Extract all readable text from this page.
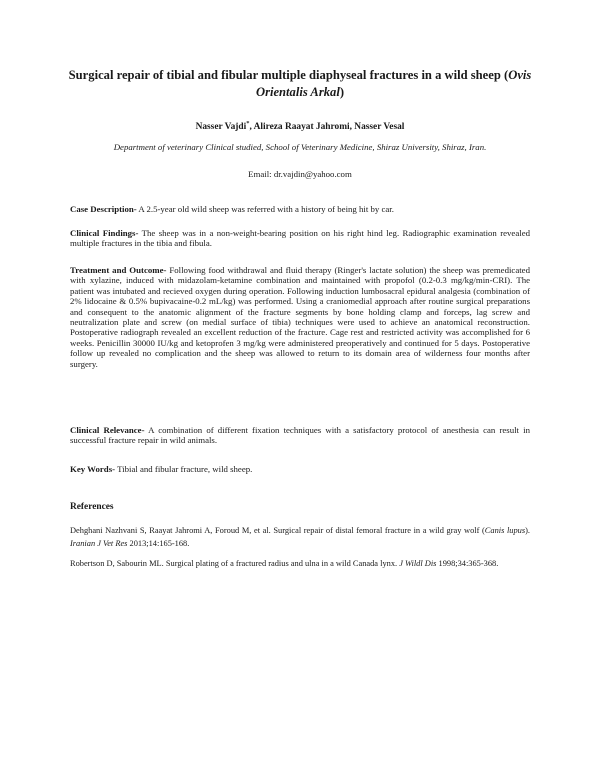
Surgical repair of tibial and fibular multiple diaphyseal fractures in a wild sheep (Ovis Orientalis Arkal)
Nasser Vajdi*, Alireza Raayat Jahromi, Nasser Vesal
Department of veterinary Clinical studied, School of Veterinary Medicine, Shiraz University, Shiraz, Iran.
Email: dr.vajdin@yahoo.com

Case Description- A 2.5-year old wild sheep was referred with a history of being hit by car.

Clinical Findings- The sheep was in a non-weight-bearing position on his right hind leg. Radiographic examination revealed multiple fractures in the tibia and fibula.

Treatment and Outcome- Following food withdrawal and fluid therapy (Ringer's lactate solution) the sheep was premedicated with xylazine, induced with midazolam-ketamine combination and maintained with propofol (0.2-0.3 mg/kg/min-CRI). The patient was intubated and recieved oxygen during operation. Following induction lumbosacral epidural analgesia (combination of 2% lidocaine & 0.5% bupivacaine-0.2 mL/kg) was performed. Using a craniomedial approach after routine surgical preparations and consequent to the anatomic alignment of the fracture segments by bone holding clamp and forceps, lag screw and neutralization plate and screw (on medial surface of tibia) techniques were used to achieve an anatomical reconstruction. Postoperative radiograph revealed an excellent reduction of the fracture. Cage rest and restricted activity was accomplished for 6 weeks. Penicillin 30000 IU/kg and ketoprofen 3 mg/kg were administered preoperatively and continued for 5 days. Postoperative follow up revealed no complication and the sheep was allowed to return to its domain area of wilderness four months after surgery.

Clinical Relevance- A combination of different fixation techniques with a satisfactory protocol of anesthesia can result in successful fracture repair in wild animals.

Key Words- Tibial and fibular fracture, wild sheep.

References

Dehghani Nazhvani S, Raayat Jahromi A, Foroud M, et al. Surgical repair of distal femoral fracture in a wild gray wolf (Canis lupus). Iranian J Vet Res 2013;14:165-168.

Robertson D, Sabourin ML. Surgical plating of a fractured radius and ulna in a wild Canada lynx. J Wildl Dis 1998;34:365-368.
